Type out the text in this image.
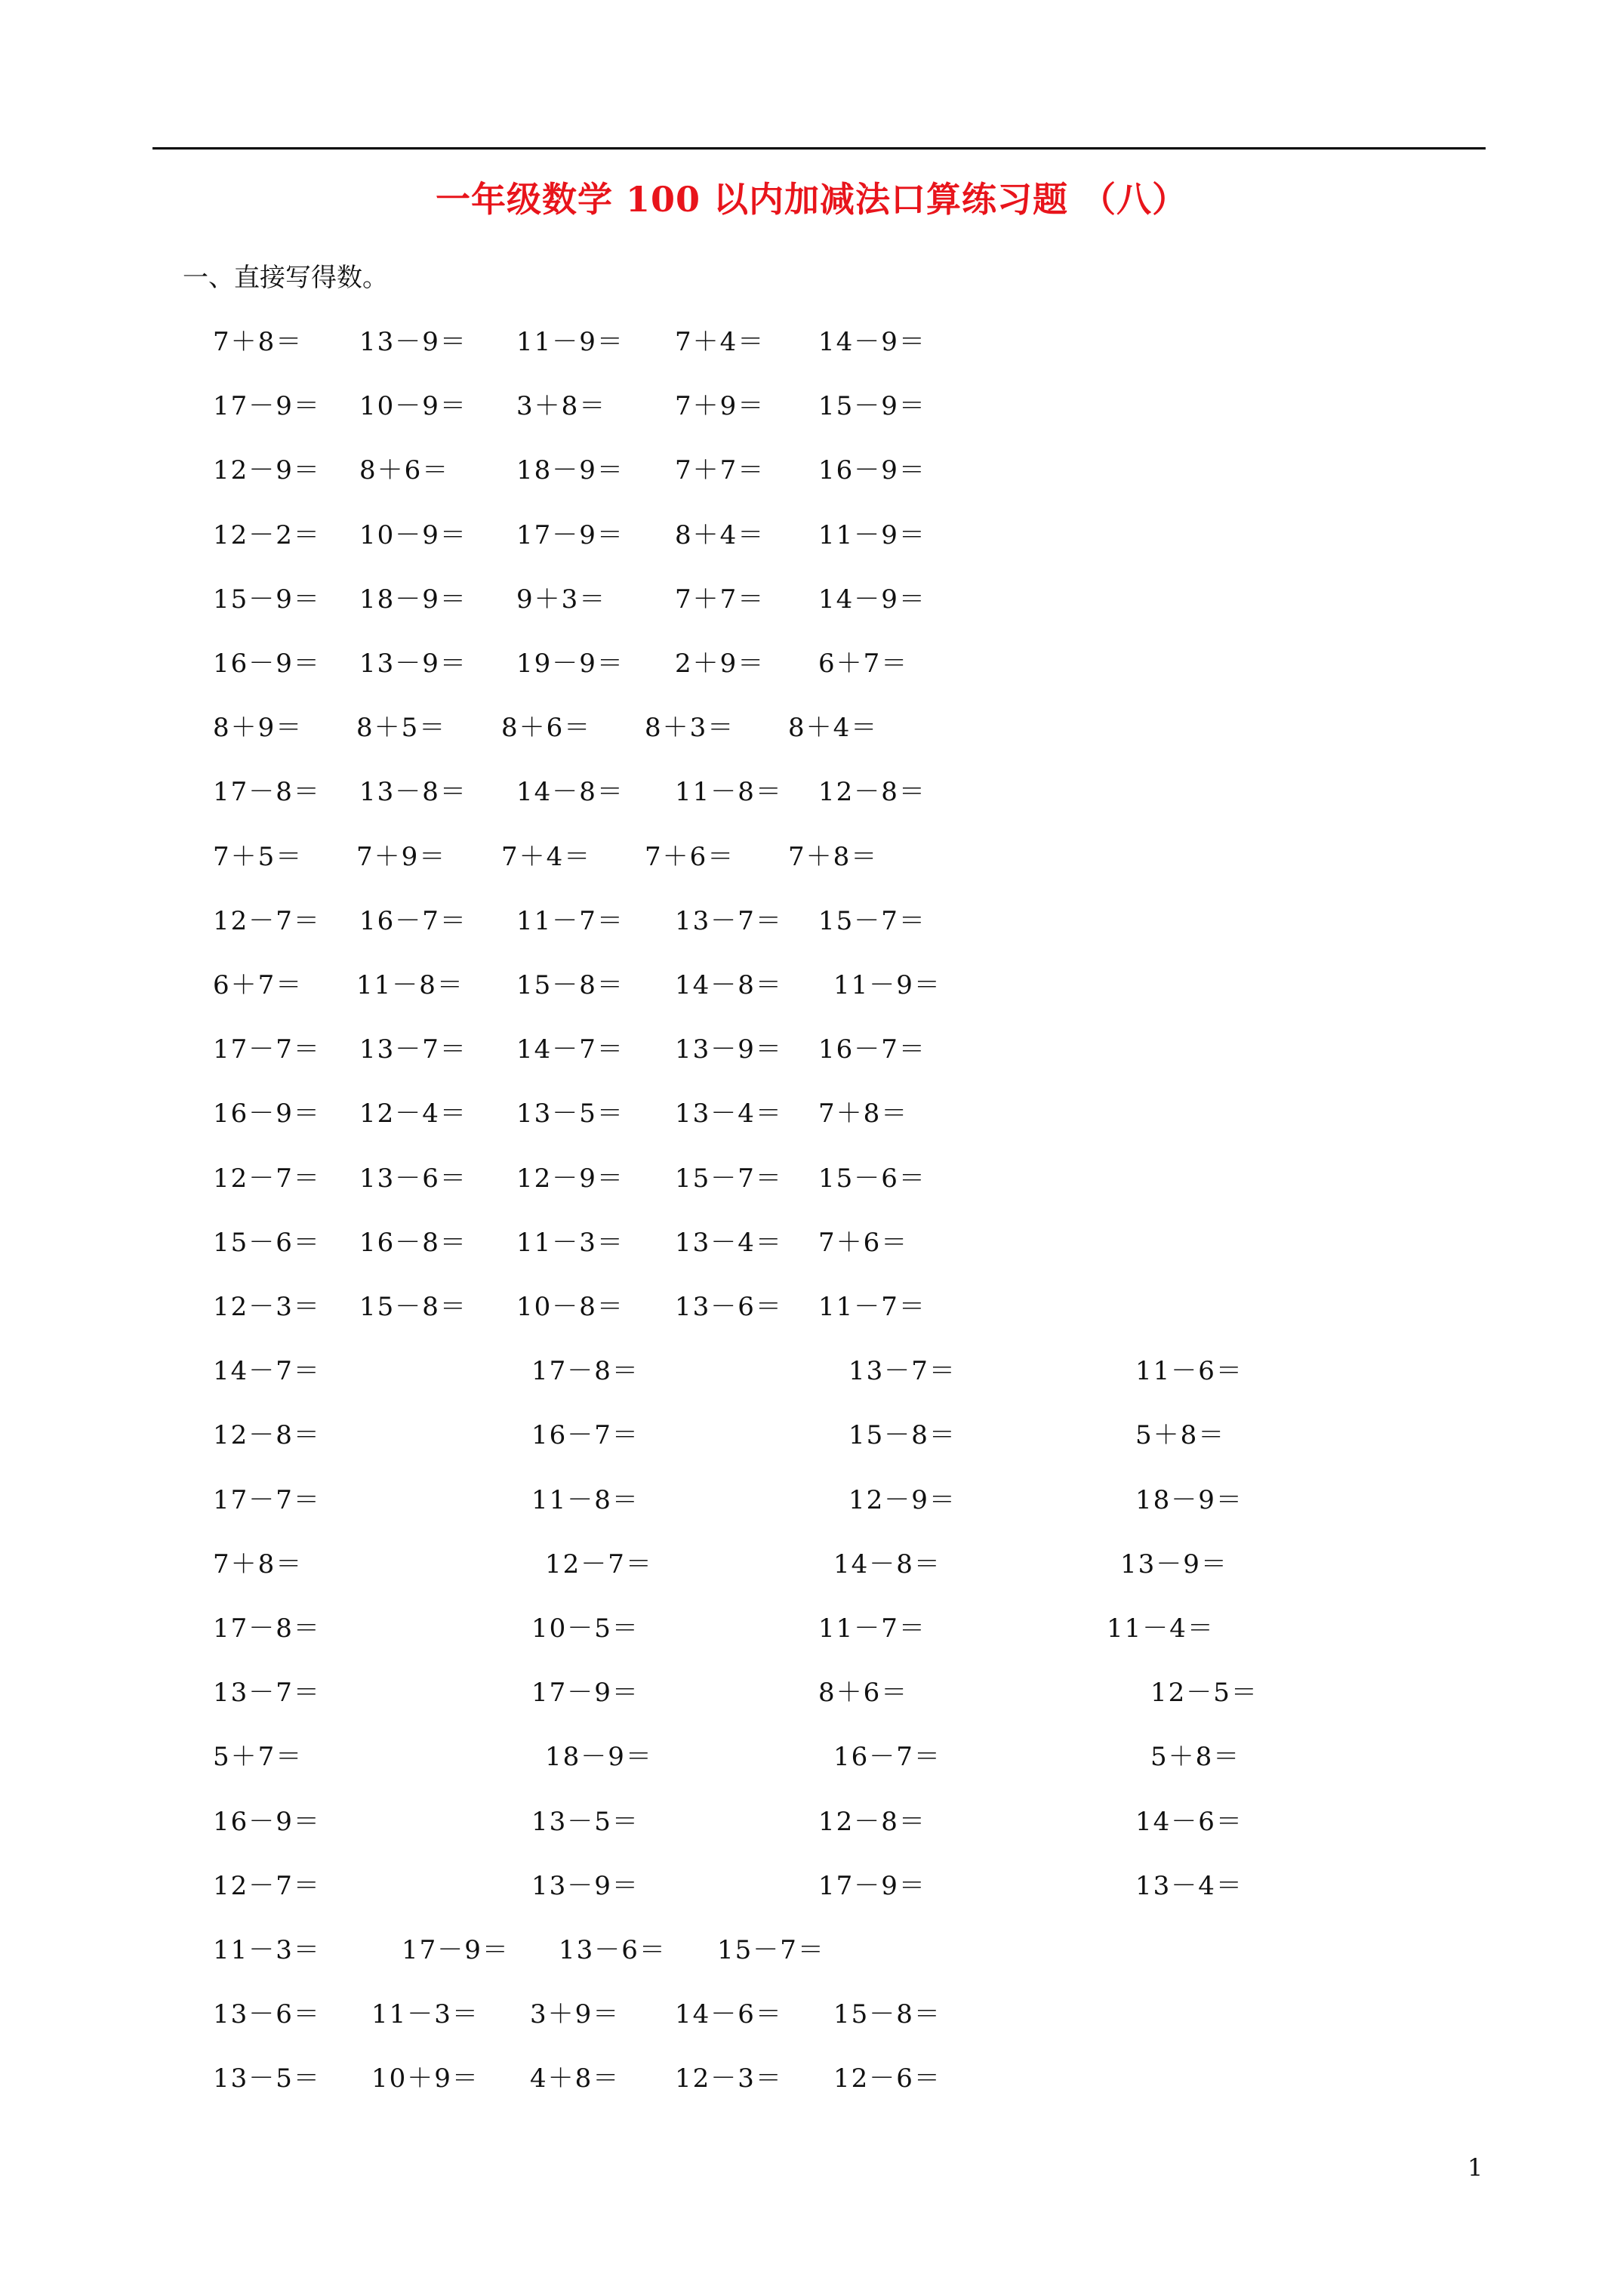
一年级数学 100 以内加减法口算练习题 （八）
一、直接写得数。
7＋8＝ 13－9＝ 11－9＝ 7＋4＝ 14－9＝
17－9＝ 10－9＝ 3＋8＝	7＋9＝ 15－9＝
12－9＝ 8＋6＝	18－9＝ 7＋7＝ 16－9＝
12－2＝ 10－9＝ 17－9＝ 8＋4＝ 11－9＝
15－9＝ 18－9＝ 9＋3＝	7＋7＝ 14－9＝
16－9＝ 13－9＝ 19－9＝ 2＋9＝ 6＋7＝
8＋9＝ 8＋5＝ 8＋6＝ 8＋3＝ 8＋4＝
17－8＝ 13－8＝ 14－8＝ 11－8＝ 12－8＝
7＋5＝ 7＋9＝ 7＋4＝ 7＋6＝ 7＋8＝
12－7＝ 16－7＝ 11－7＝ 13－7＝ 15－7＝
6＋7＝ 11－8＝ 15－8＝ 14－8＝ 11－9＝
17－7＝ 13－7＝ 14－7＝ 13－9＝ 16－7＝
16－9＝ 12－4＝ 13－5＝ 13－4＝ 7＋8＝
12－7＝ 13－6＝ 12－9＝ 15－7＝ 15－6＝
15－6＝ 16－8＝ 11－3＝ 13－4＝ 7＋6＝
12－3＝ 15－8＝ 10－8＝ 13－6＝ 11－7＝
14－7＝	17－8＝	13－7＝	11－6＝
12－8＝	16－7＝	15－8＝	5＋8＝
17－7＝	11－8＝	12－9＝	18－9＝
7＋8＝	12－7＝	14－8＝	13－9＝
17－8＝	10－5＝	11－7＝	11－4＝
13－7＝	17－9＝	8＋6＝	12－5＝
5＋7＝	18－9＝	16－7＝	5＋8＝
16－9＝	13－5＝	12－8＝	14－6＝
12－7＝	13－9＝	17－9＝	13－4＝
11－3＝	17－9＝ 13－6＝ 15－7＝
13－6＝ 11－3＝ 3＋9＝ 14－6＝ 15－8＝
13－5＝ 10＋9＝ 4＋8＝ 12－3＝ 12－6＝
1
